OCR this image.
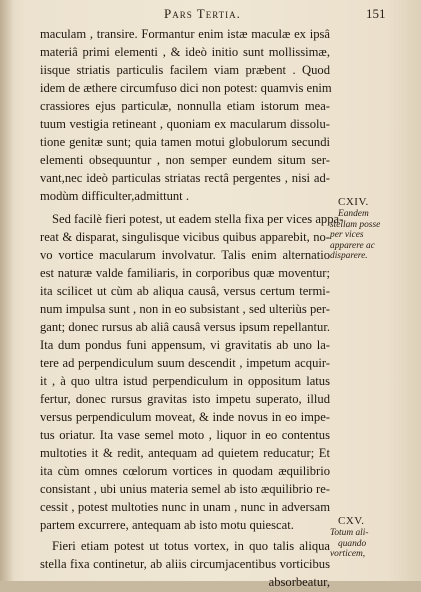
Pars Tertia.	151
maculam , transire. Formantur enim istæ maculæ ex ipsâ
materiâ primi elementi , & ideò initio sunt mollissimæ,
iisque striatis particulis facilem viam præbent . Quod
idem de æthere circumfuso dici non potest: quamvis enim
crassiores ejus particulæ, nonnulla etiam istorum mea-
tuum vestigia retineant , quoniam ex macularum dissolu-
tione genitæ sunt; quia tamen motui globulorum secundi
elementi obsequuntur , non semper eundem situm ser-
vant,nec ideò particulas striatas rectâ pergentes , nisi ad-
modùm difficulter,admittunt .
Sed facilè fieri potest, ut eadem stella fixa per vices appa-
reat & disparat, singulisque vicibus quibus apparebit, no-
vo vortice macularum involvatur. Talis enim alternatio
est naturæ valde familiaris, in corporibus quæ moventur;
ita scilicet ut cùm ab aliqua causâ, versus certum termi-
num impulsa sunt , non in eo subsistant , sed ulteriùs per-
gant; donec rursus ab aliâ causâ versus ipsum repellantur.
Ita dum pondus funi appensum, vi gravitatis ab uno la-
tere ad perpendiculum suum descendit , impetum acquir-
it , à quo ultra istud perpendiculum in oppositum latus
fertur, donec rursus gravitas isto impetu superato, illud
versus perpendiculum moveat, & inde novus in eo impe-
tus oriatur. Ita vase semel moto , liquor in eo contentus
multoties it & redit, antequam ad quietem reducatur; Et
ita cùm omnes cœlorum vortices in quodam æquilibrio
consistant , ubi unius materia semel ab isto æquilibrio re-
cessit , potest multoties nunc in unam , nunc in adversam
partem excurrere, antequam ab isto motu quiescat.
Fieri etiam potest ut totus vortex, in quo talis aliqua
stella fixa continetur, ab aliis circumjacentibus vorticibus
absorbeatur,
CXIV.
Eandem
stellam posse
per vices
apparere ac
disparere.
CXV.
Totum ali-
quando
vorticem,
